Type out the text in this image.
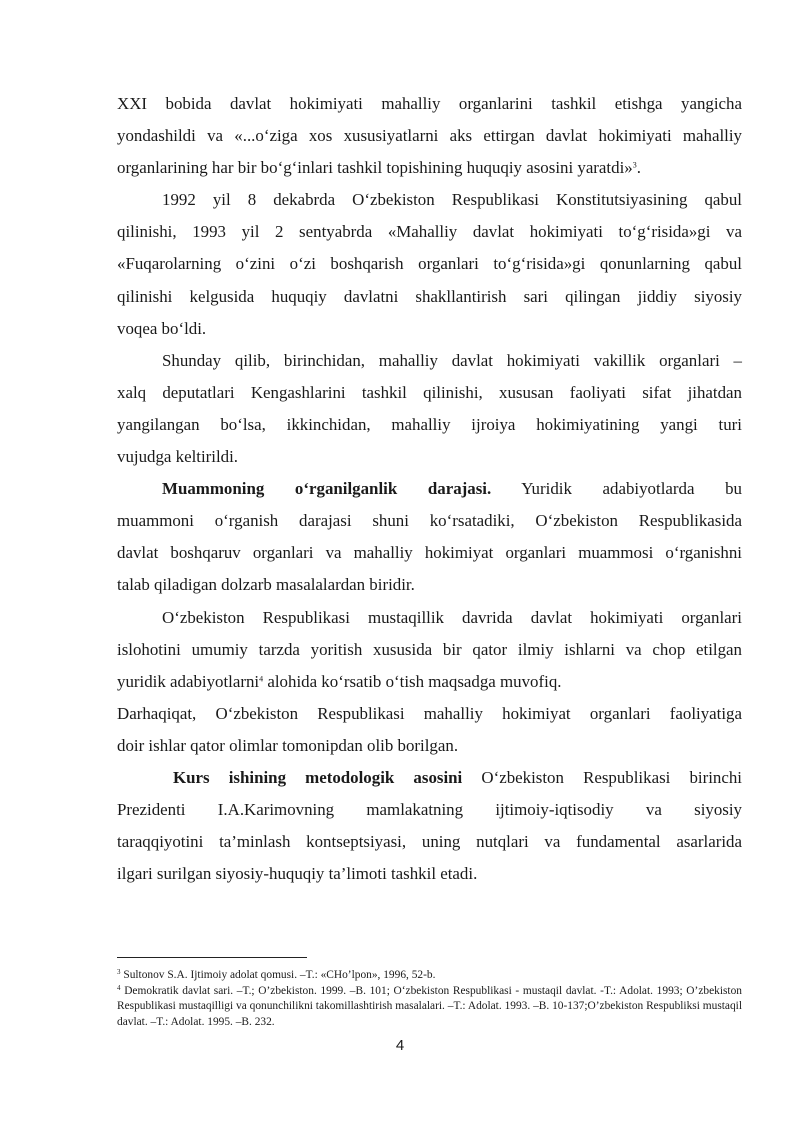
XXI bobida davlat hokimiyati mahalliy organlarini tashkil etishga yangicha
yondashildi va «...o‘ziga xos xususiyatlarni aks ettirgan davlat hokimiyati mahalliy
organlarining har bir bo‘g‘inlari tashkil topishining huquqiy asosini yaratdi»$^3$.
1992 yil 8 dekabrda O‘zbekiston Respublikasi Konstitutsiyasining qabul
qilinishi, 1993 yil 2 sentyabrda «Mahalliy davlat hokimiyati to‘g‘risida»gi va
«Fuqarolarning o‘zini o‘zi boshqarish organlari to‘g‘risida»gi qonunlarning qabul
qilinishi kelgusida huquqiy davlatni shakllantirish sari qilingan jiddiy siyosiy
voqea bo‘ldi.
Shunday qilib, birinchidan, mahalliy davlat hokimiyati vakillik organlari –
xalq deputatlari Kengashlarini tashkil qilinishi, xususan faoliyati sifat jihatdan
yangilangan bo‘lsa, ikkinchidan, mahalliy ijroiya hokimiyatining yangi turi
vujudga keltirildi.
Muammoning o‘rganilganlik darajasi. Yuridik adabiyotlarda bu
muammoni o‘rganish darajasi shuni ko‘rsatadiki, O‘zbekiston Respublikasida
davlat boshqaruv organlari va mahalliy hokimiyat organlari muammosi o‘rganishni
talab qiladigan dolzarb masalalardan biridir.
O‘zbekiston Respublikasi mustaqillik davrida davlat hokimiyati organlari
islohotini umumiy tarzda yoritish xususida bir qator ilmiy ishlarni va chop etilgan
yuridik adabiyotlarni$^4$ alohida ko‘rsatib o‘tish maqsadga muvofiq.
Darhaqiqat, O‘zbekiston Respublikasi mahalliy hokimiyat organlari faoliyatiga
doir ishlar qator olimlar tomonipdan olib borilgan.
Kurs ishining metodologik asosini O‘zbekiston Respublikasi birinchi
Prezidenti I.A.Karimovning mamlakatning ijtimoiy-iqtisodiy va siyosiy
taraqqiyotini ta’minlash kontseptsiyasi, uning nutqlari va fundamental asarlarida
ilgari surilgan siyosiy-huquqiy ta’limoti tashkil etadi.

$^3$ Sultonov S.A. Ijtimoiy adolat qomusi. –T.: «CHo’lpon», 1996, 52-b.

$^4$ Demokratik davlat sari. –T.; O’zbekiston. 1999. –B. 101; O‘zbekiston Respublikasi - mustaqil davlat. -T.: Adolat. 1993; O’zbekiston Respublikasi mustaqilligi va qonunchilikni takomillashtirish masalalari. –T.: Adolat. 1993. –B. 10-137;O’zbekiston Respubliksi mustaqil davlat. –T.: Adolat. 1995. –B. 232.

4
